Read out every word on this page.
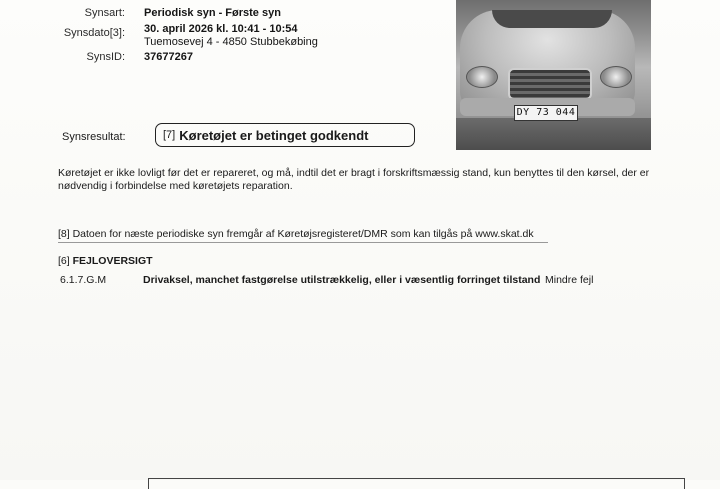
Synsart: Periodisk syn - Første syn
Synsdato[3]: 30. april 2026 kl. 10:41 - 10:54
Tuemosevej 4 - 4850 Stubbekøbing
SynsID: 37677267
DY 73 044
Synsresultat:	[7] Køretøjet er betinget godkendt
Køretøjet er ikke lovligt før det er repareret, og må, indtil det er bragt i forskriftsmæssig stand, kun benyttes til den kørsel, der er nødvendig i forbindelse med køretøjets reparation.
[8] Datoen for næste periodiske syn fremgår af Køretøjsregisteret/DMR som kan tilgås på www.skat.dk
[6] FEJLOVERSIGT
6.1.7.G.M	Drivaksel, manchet fastgørelse utilstrækkelig, eller i væsentlig forringet tilstand Mindre fejl
